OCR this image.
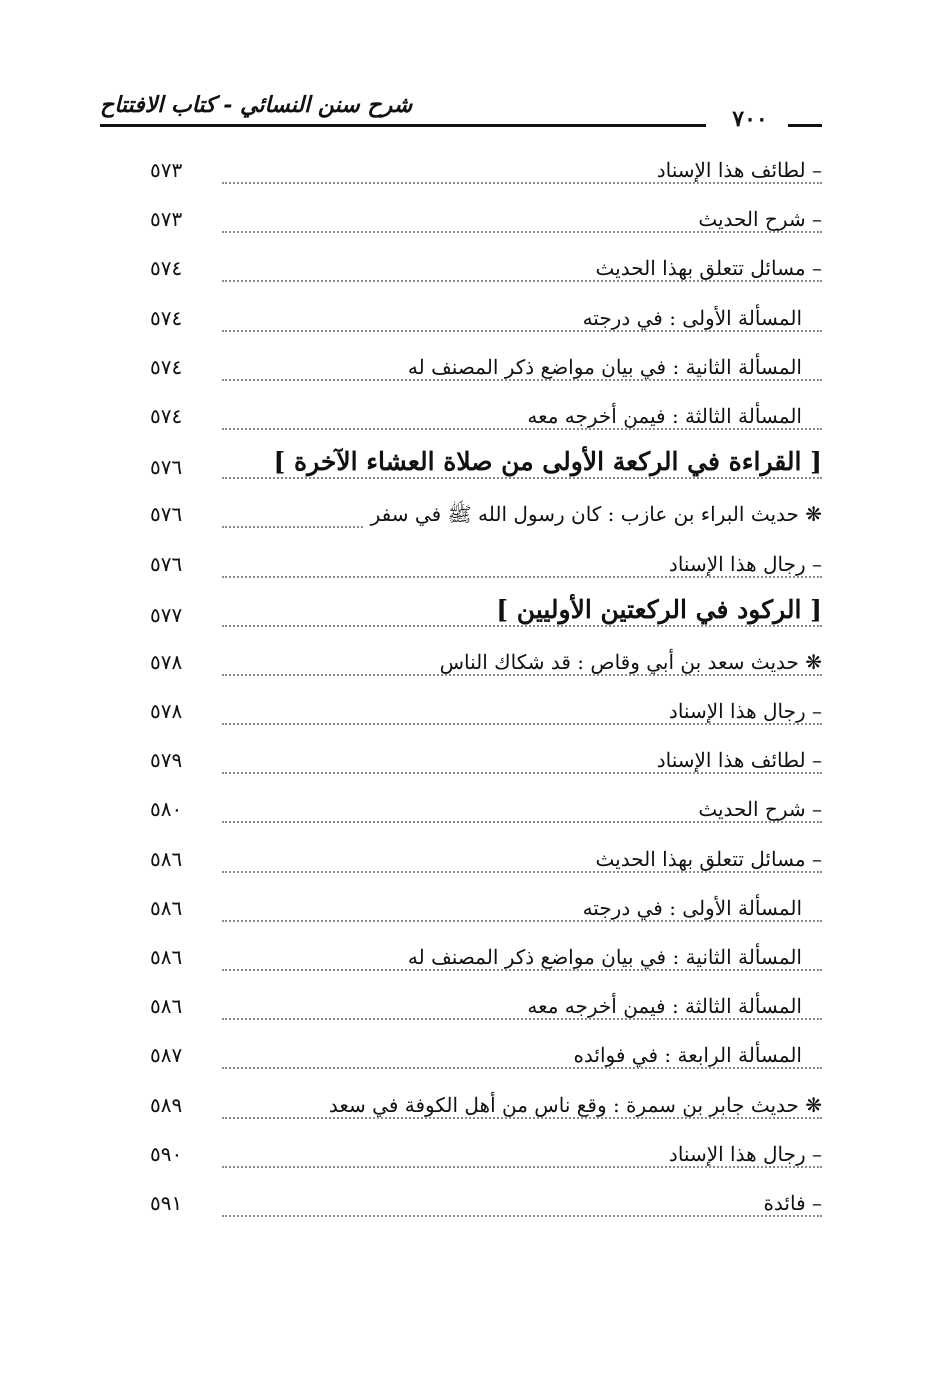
شرح سنن النسائي - كتاب الافتتاح
٧٠٠
– لطائف هذا الإسناد
٥٧٣
– شرح الحديث
٥٧٣
– مسائل تتعلق بهذا الحديث
٥٧٤
المسألة الأولى : في درجته
٥٧٤
المسألة الثانية : في بيان مواضع ذكر المصنف له
٥٧٤
المسألة الثالثة : فيمن أخرجه معه
٥٧٤
[ القراءة في الركعة الأولى من صلاة العشاء الآخرة ]
٥٧٦
❋ حديث البراء بن عازب : كان رسول الله ﷺ في سفر
٥٧٦
– رجال هذا الإسناد
٥٧٦
[ الركود في الركعتين الأوليين ]
٥٧٧
❋ حديث سعد بن أبي وقاص : قد شكاك الناس
٥٧٨
– رجال هذا الإسناد
٥٧٨
– لطائف هذا الإسناد
٥٧٩
– شرح الحديث
٥٨٠
– مسائل تتعلق بهذا الحديث
٥٨٦
المسألة الأولى : في درجته
٥٨٦
المسألة الثانية : في بيان مواضع ذكر المصنف له
٥٨٦
المسألة الثالثة : فيمن أخرجه معه
٥٨٦
المسألة الرابعة : في فوائده
٥٨٧
❋ حديث جابر بن سمرة : وقع ناس من أهل الكوفة في سعد
٥٨٩
– رجال هذا الإسناد
٥٩٠
– فائدة
٥٩١
